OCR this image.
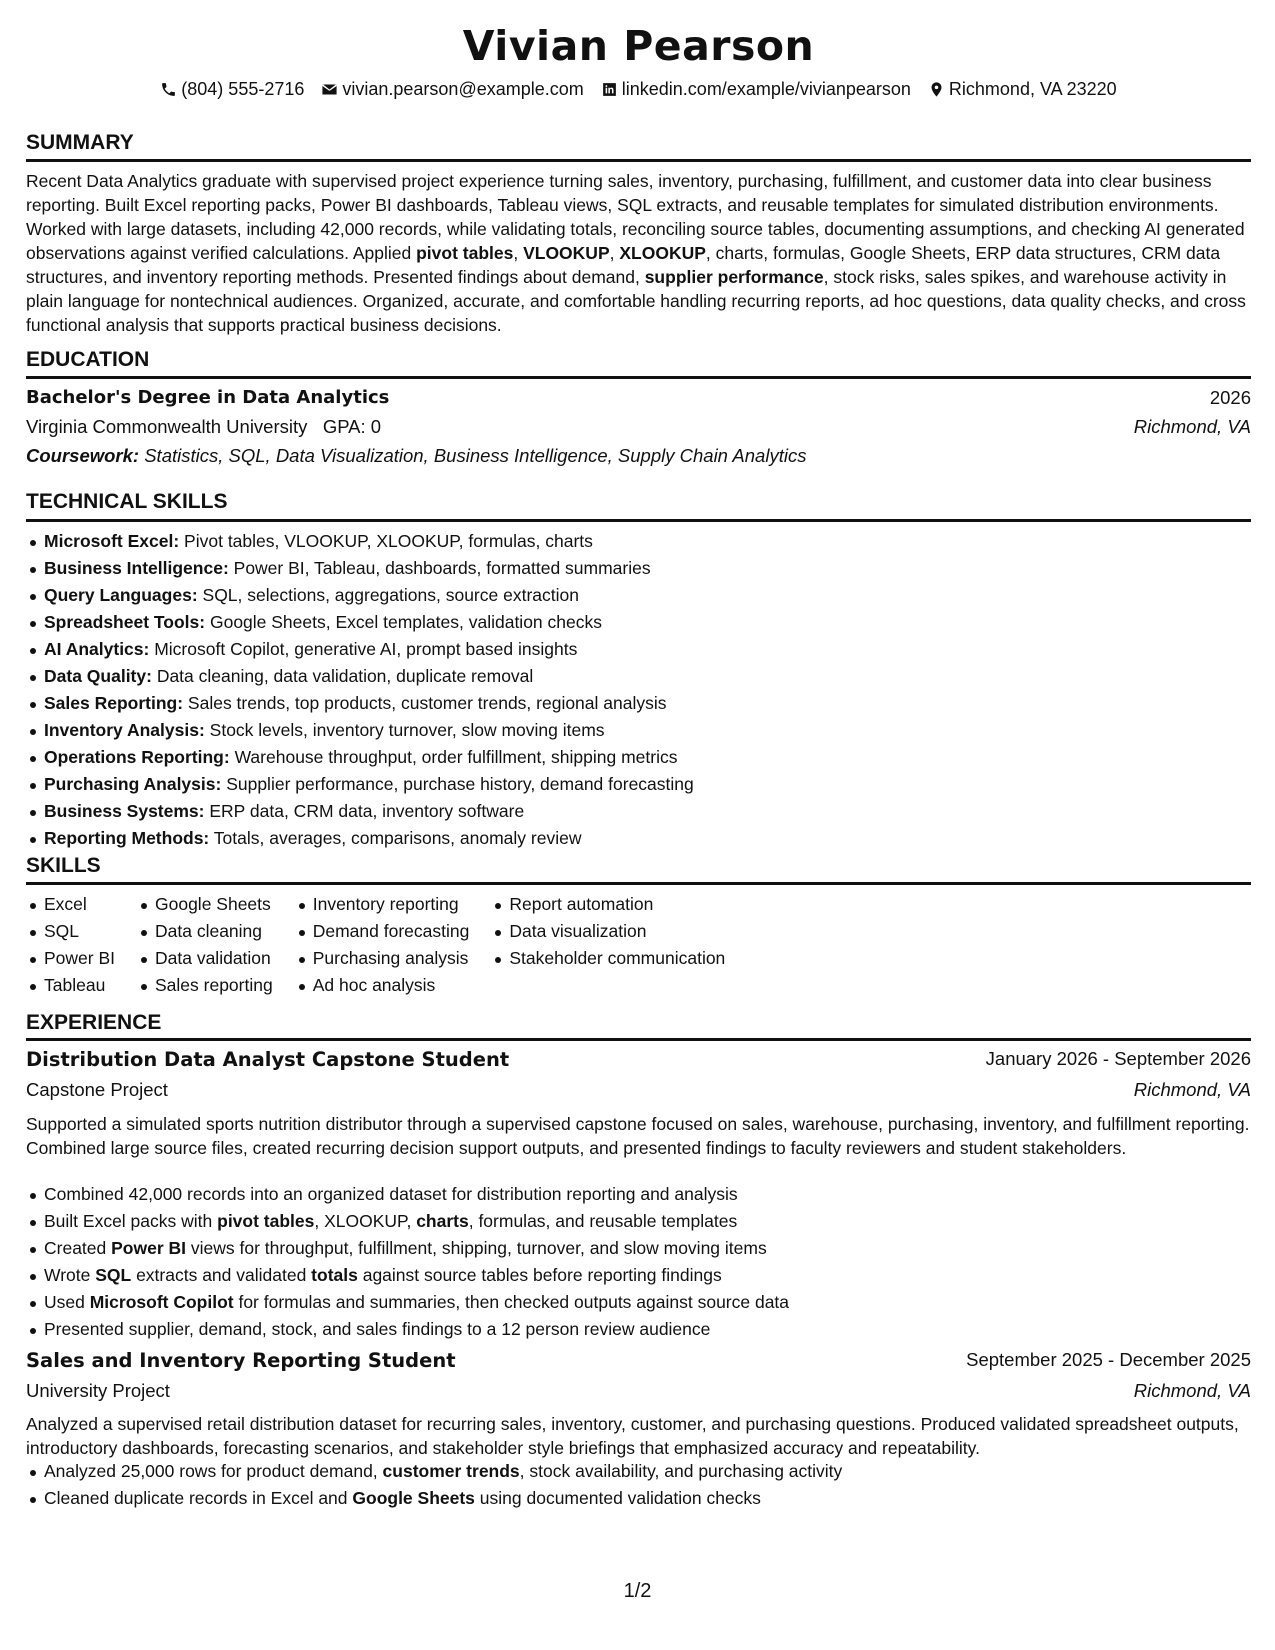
Vivian Pearson
(804) 555-2716 vivian.pearson@example.com linkedin.com/example/vivianpearson Richmond, VA 23220
SUMMARY
Recent Data Analytics graduate with supervised project experience turning sales, inventory, purchasing, fulfillment, and customer data into clear business reporting. Built Excel reporting packs, Power BI dashboards, Tableau views, SQL extracts, and reusable templates for simulated distribution environments. Worked with large datasets, including 42,000 records, while validating totals, reconciling source tables, documenting assumptions, and checking AI generated observations against verified calculations. Applied pivot tables, VLOOKUP, XLOOKUP, charts, formulas, Google Sheets, ERP data structures, CRM data structures, and inventory reporting methods. Presented findings about demand, supplier performance, stock risks, sales spikes, and warehouse activity in plain language for nontechnical audiences. Organized, accurate, and comfortable handling recurring reports, ad hoc questions, data quality checks, and cross functional analysis that supports practical business decisions.
EDUCATION
Bachelor's Degree in Data Analytics	2026
Virginia Commonwealth University GPA: 0	Richmond, VA
Coursework: Statistics, SQL, Data Visualization, Business Intelligence, Supply Chain Analytics
TECHNICAL SKILLS
Microsoft Excel: Pivot tables, VLOOKUP, XLOOKUP, formulas, charts
Business Intelligence: Power BI, Tableau, dashboards, formatted summaries
Query Languages: SQL, selections, aggregations, source extraction
Spreadsheet Tools: Google Sheets, Excel templates, validation checks
AI Analytics: Microsoft Copilot, generative AI, prompt based insights
Data Quality: Data cleaning, data validation, duplicate removal
Sales Reporting: Sales trends, top products, customer trends, regional analysis
Inventory Analysis: Stock levels, inventory turnover, slow moving items
Operations Reporting: Warehouse throughput, order fulfillment, shipping metrics
Purchasing Analysis: Supplier performance, purchase history, demand forecasting
Business Systems: ERP data, CRM data, inventory software
Reporting Methods: Totals, averages, comparisons, anomaly review
SKILLS
Excel
SQL
Power BI
Tableau
Google Sheets
Data cleaning
Data validation
Sales reporting
Inventory reporting
Demand forecasting
Purchasing analysis
Ad hoc analysis
Report automation
Data visualization
Stakeholder communication
EXPERIENCE
Distribution Data Analyst Capstone Student	January 2026 - September 2026
Capstone Project	Richmond, VA
Supported a simulated sports nutrition distributor through a supervised capstone focused on sales, warehouse, purchasing, inventory, and fulfillment reporting. Combined large source files, created recurring decision support outputs, and presented findings to faculty reviewers and student stakeholders.
Combined 42,000 records into an organized dataset for distribution reporting and analysis
Built Excel packs with pivot tables, XLOOKUP, charts, formulas, and reusable templates
Created Power BI views for throughput, fulfillment, shipping, turnover, and slow moving items
Wrote SQL extracts and validated totals against source tables before reporting findings
Used Microsoft Copilot for formulas and summaries, then checked outputs against source data
Presented supplier, demand, stock, and sales findings to a 12 person review audience
Sales and Inventory Reporting Student	September 2025 - December 2025
University Project	Richmond, VA
Analyzed a supervised retail distribution dataset for recurring sales, inventory, customer, and purchasing questions. Produced validated spreadsheet outputs, introductory dashboards, forecasting scenarios, and stakeholder style briefings that emphasized accuracy and repeatability.
Analyzed 25,000 rows for product demand, customer trends, stock availability, and purchasing activity
Cleaned duplicate records in Excel and Google Sheets using documented validation checks
1/2
